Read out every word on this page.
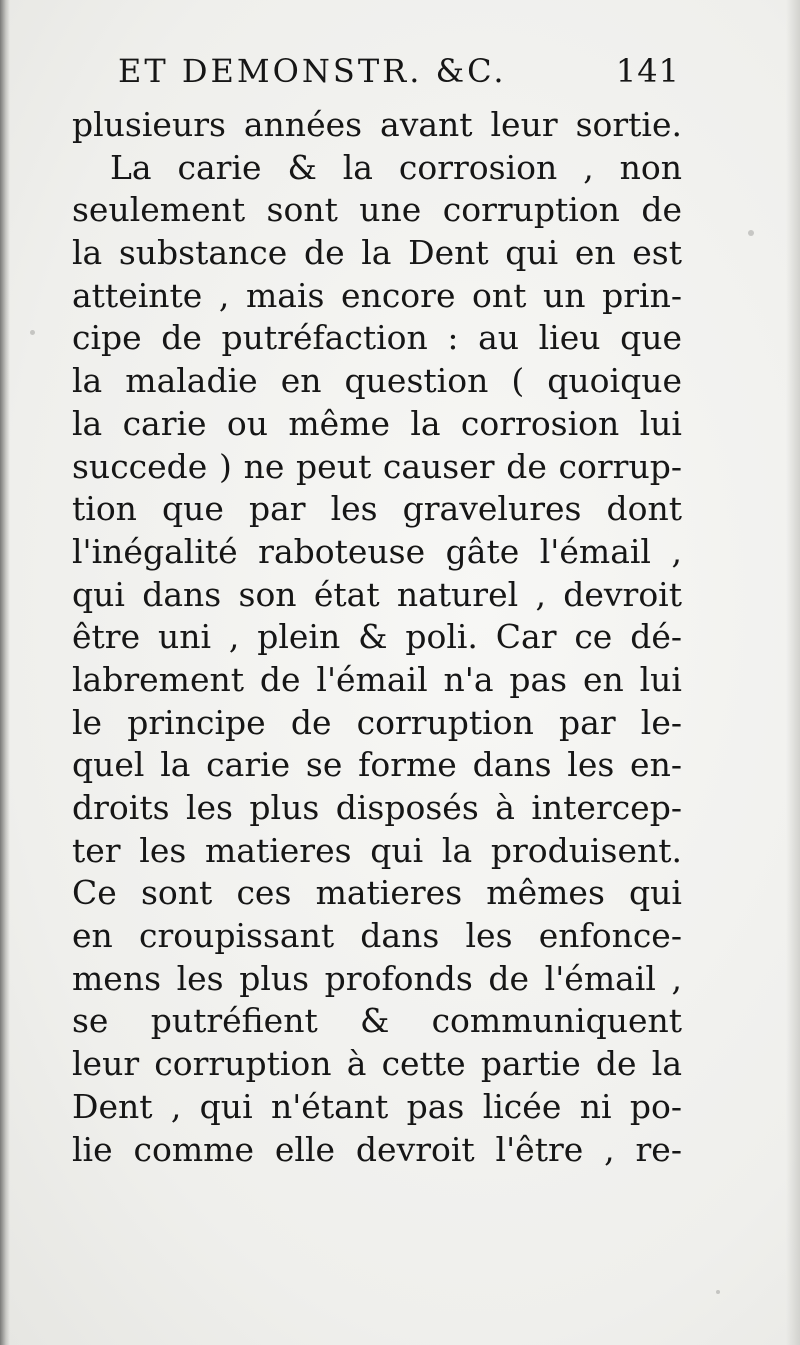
ET DEMONSTR. &C.	141
plusieurs années avant leur sortie.
La carie & la corrosion , non
seulement sont une corruption de
la substance de la Dent qui en est
atteinte , mais encore ont un prin-
cipe de putréfaction : au lieu que
la maladie en question ( quoique
la carie ou même la corrosion lui
succede ) ne peut causer de corrup-
tion que par les gravelures dont
l'inégalité raboteuse gâte l'émail ,
qui dans son état naturel , devroit
être uni , plein & poli. Car ce dé-
labrement de l'émail n'a pas en lui
le principe de corruption par le-
quel la carie se forme dans les en-
droits les plus disposés à intercep-
ter les matieres qui la produisent.
Ce sont ces matieres mêmes qui
en croupissant dans les enfonce-
mens les plus profonds de l'émail ,
se putréfient & communiquent
leur corruption à cette partie de la
Dent , qui n'étant pas licée ni po-
lie comme elle devroit l'être , re-
